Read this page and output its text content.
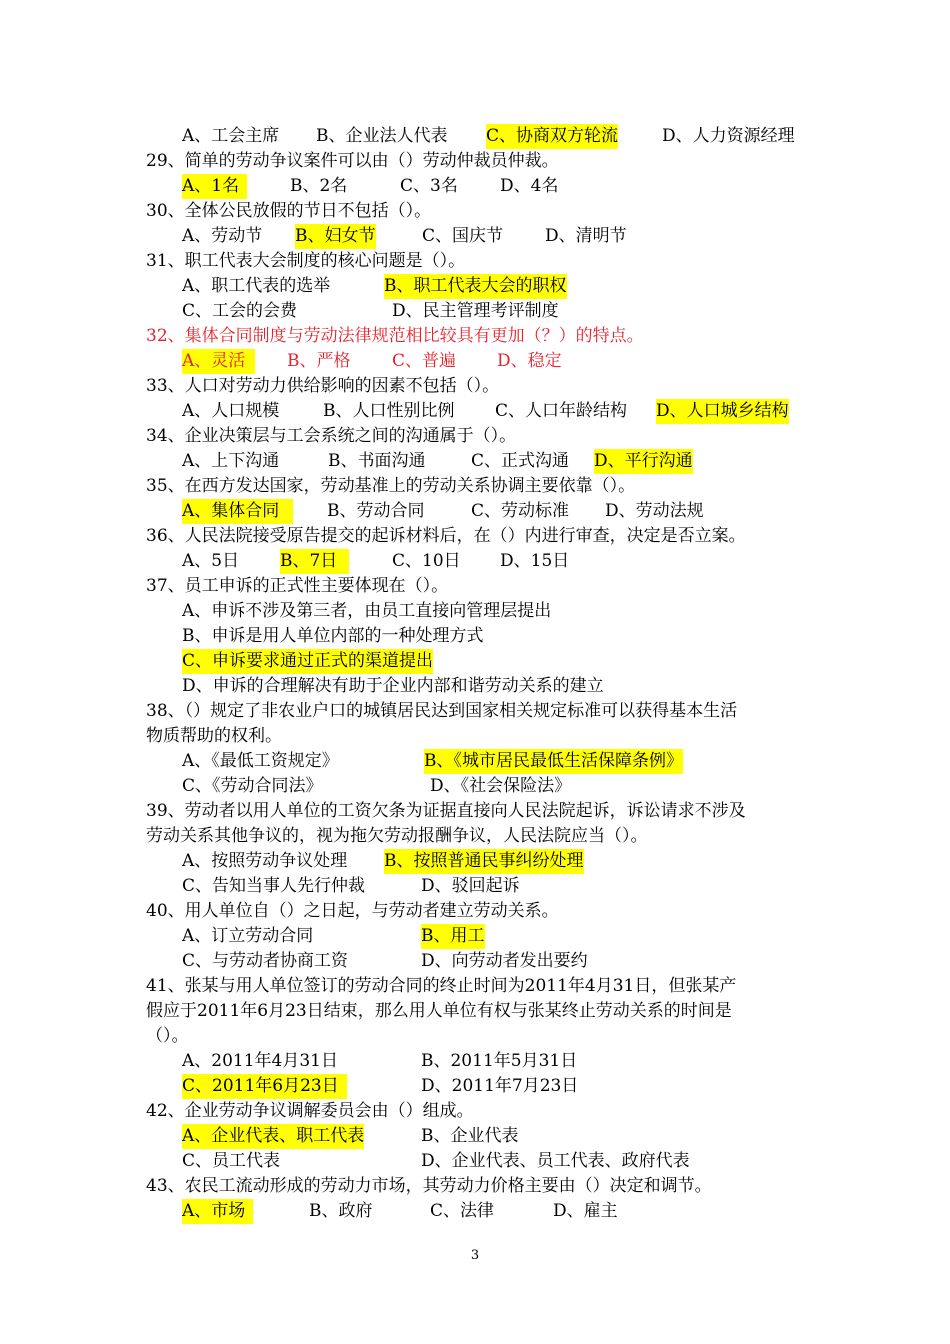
3
A、工会主席 B、企业法人代表 C、协商双方轮流	D、人力资源经理
29、简单的劳动争议案件可以由（）劳动仲裁员仲裁。
A、1名	B、2名	C、3名 D、4名
30、全体公民放假的节日不包括（）。
A、劳动节 B、妇女节	C、国庆节 D、清明节
31、职工代表大会制度的核心问题是（）。
A、职工代表的选举	B、职工代表大会的职权
C、工会的会费	D、民主管理考评制度
32、集体合同制度与劳动法律规范相比较具有更加（？）的特点。
A、灵活	B、严格 C、普遍 D、稳定
33、人口对劳动力供给影响的因素不包括（）。
A、人口规模	B、人口性别比例 C、人口年龄结构 D、人口城乡结构
34、企业决策层与工会系统之间的沟通属于（）。
A、上下沟通	B、书面沟通	C、正式沟通 D、平行沟通
35、在西方发达国家，劳动基准上的劳动关系协调主要依靠（）。
A、集体合同	B、劳动合同	C、劳动标准 D、劳动法规
36、人民法院接受原告提交的起诉材料后，在（）内进行审查，决定是否立案。
A、5日 B、7日	C、10日 D、15日
37、员工申诉的正式性主要体现在（）。
A、申诉不涉及第三者，由员工直接向管理层提出
B、申诉是用人单位内部的一种处理方式
C、申诉要求通过正式的渠道提出
D、申诉的合理解决有助于企业内部和谐劳动关系的建立
38、（）规定了非农业户口的城镇居民达到国家相关规定标准可以获得基本生活
物质帮助的权利。
A、《最低工资规定》	B、《城市居民最低生活保障条例》
C、《劳动合同法》	D、《社会保险法》
39、劳动者以用人单位的工资欠条为证据直接向人民法院起诉，诉讼请求不涉及
劳动关系其他争议的，视为拖欠劳动报酬争议，人民法院应当（）。
A、按照劳动争议处理 B、按照普通民事纠纷处理
C、告知当事人先行仲裁	D、驳回起诉
40、用人单位自（）之日起，与劳动者建立劳动关系。
A、订立劳动合同	B、用工
C、与劳动者协商工资	D、向劳动者发出要约
41、张某与用人单位签订的劳动合同的终止时间为2011年4月31日，但张某产
假应于2011年6月23日结束，那么用人单位有权与张某终止劳动关系的时间是
（）。
A、2011年4月31日	B、2011年5月31日
C、2011年6月23日	D、2011年7月23日
42、企业劳动争议调解委员会由（）组成。
A、企业代表、职工代表	B、企业代表
C、员工代表	D、企业代表、员工代表、政府代表
43、农民工流动形成的劳动力市场，其劳动力价格主要由（）决定和调节。
A、市场	B、政府	C、法律	D、雇主
